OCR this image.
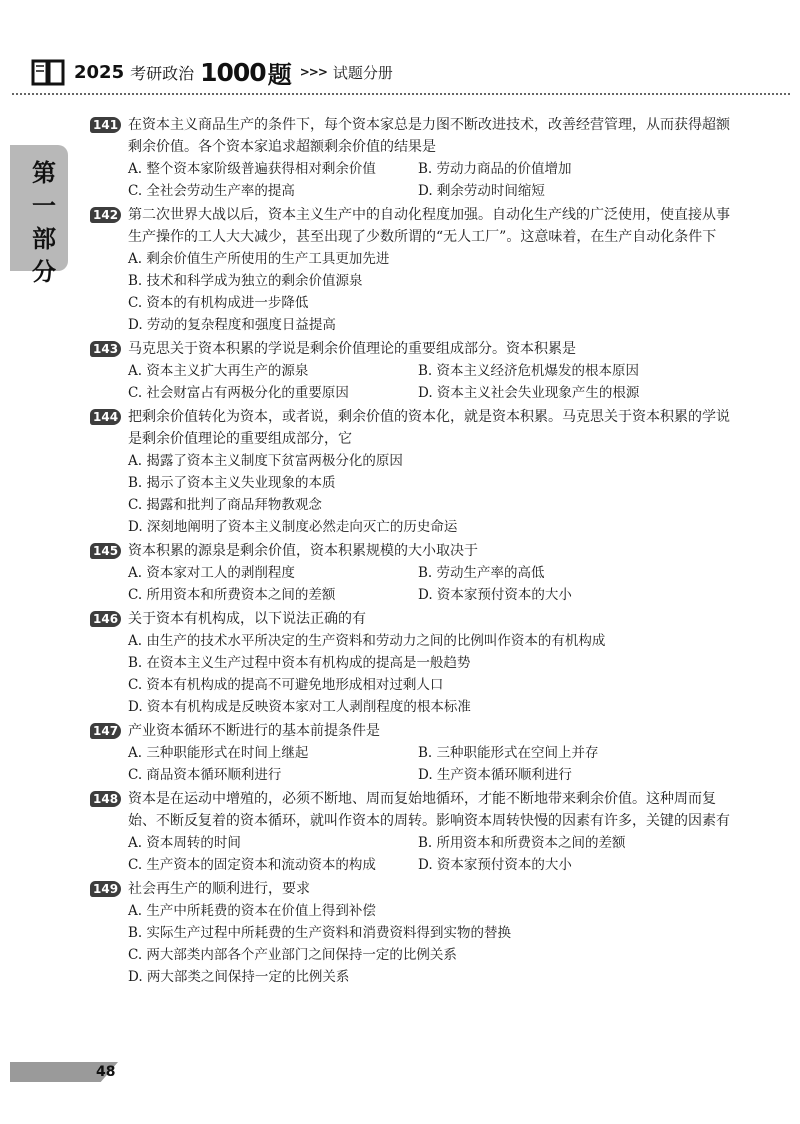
2025 考研政治 1000 题 >>> 试题分册
第一部分
141 在资本主义商品生产的条件下，每个资本家总是力图不断改进技术，改善经营管理，从而获得超额剩余价值。各个资本家追求超额剩余价值的结果是
A. 整个资本家阶级普遍获得相对剩余价值	B. 劳动力商品的价值增加
C. 全社会劳动生产率的提高	D. 剩余劳动时间缩短
142 第二次世界大战以后，资本主义生产中的自动化程度加强。自动化生产线的广泛使用，使直接从事生产操作的工人大大减少，甚至出现了少数所谓的“无人工厂”。这意味着，在生产自动化条件下
A. 剩余价值生产所使用的生产工具更加先进
B. 技术和科学成为独立的剩余价值源泉
C. 资本的有机构成进一步降低
D. 劳动的复杂程度和强度日益提高
143 马克思关于资本积累的学说是剩余价值理论的重要组成部分。资本积累是
A. 资本主义扩大再生产的源泉	B. 资本主义经济危机爆发的根本原因
C. 社会财富占有两极分化的重要原因	D. 资本主义社会失业现象产生的根源
144 把剩余价值转化为资本，或者说，剩余价值的资本化，就是资本积累。马克思关于资本积累的学说是剩余价值理论的重要组成部分，它
A. 揭露了资本主义制度下贫富两极分化的原因
B. 揭示了资本主义失业现象的本质
C. 揭露和批判了商品拜物教观念
D. 深刻地阐明了资本主义制度必然走向灭亡的历史命运
145 资本积累的源泉是剩余价值，资本积累规模的大小取决于
A. 资本家对工人的剥削程度	B. 劳动生产率的高低
C. 所用资本和所费资本之间的差额	D. 资本家预付资本的大小
146 关于资本有机构成，以下说法正确的有
A. 由生产的技术水平所决定的生产资料和劳动力之间的比例叫作资本的有机构成
B. 在资本主义生产过程中资本有机构成的提高是一般趋势
C. 资本有机构成的提高不可避免地形成相对过剩人口
D. 资本有机构成是反映资本家对工人剥削程度的根本标准
147 产业资本循环不断进行的基本前提条件是
A. 三种职能形式在时间上继起	B. 三种职能形式在空间上并存
C. 商品资本循环顺利进行	D. 生产资本循环顺利进行
148 资本是在运动中增殖的，必须不断地、周而复始地循环，才能不断地带来剩余价值。这种周而复始、不断反复着的资本循环，就叫作资本的周转。影响资本周转快慢的因素有许多，关键的因素有
A. 资本周转的时间	B. 所用资本和所费资本之间的差额
C. 生产资本的固定资本和流动资本的构成	D. 资本家预付资本的大小
149 社会再生产的顺利进行，要求
A. 生产中所耗费的资本在价值上得到补偿
B. 实际生产过程中所耗费的生产资料和消费资料得到实物的替换
C. 两大部类内部各个产业部门之间保持一定的比例关系
D. 两大部类之间保持一定的比例关系
48
